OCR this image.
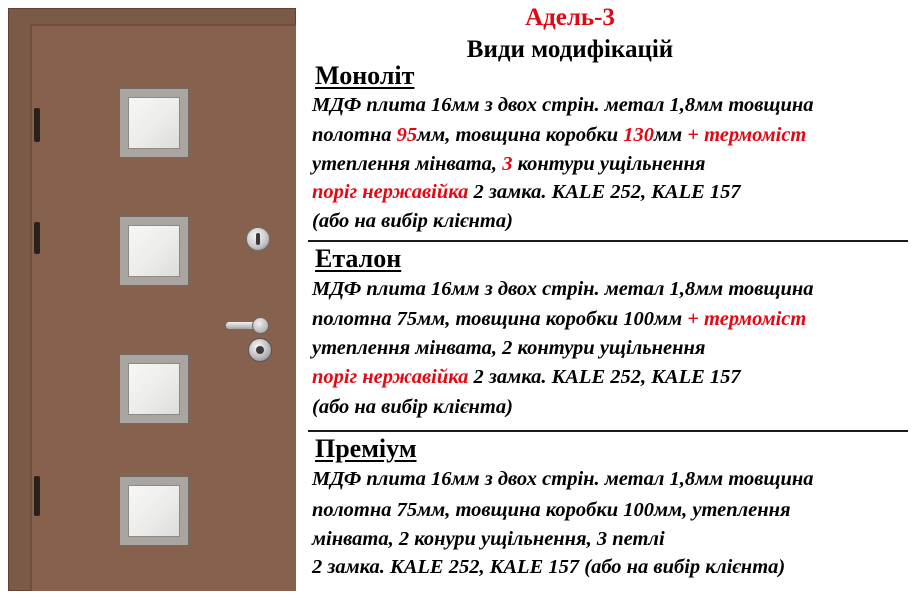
Адель-3
Види модифікацій
Моноліт
МДФ плита 16мм з двох стрін. метал 1,8мм товщина
полотна 95мм, товщина коробки 130мм + термоміст
утеплення мінвата, 3 контури ущільнення
поріг нержавійка 2 замка. KALE 252, KALE 157
(або на вибір клієнта)
Еталон
МДФ плита 16мм з двох стрін. метал 1,8мм товщина
полотна 75мм, товщина коробки 100мм + термоміст
утеплення мінвата, 2 контури ущільнення
поріг нержавійка 2 замка. KALE 252, KALE 157
(або на вибір клієнта)
Преміум
МДФ плита 16мм з двох стрін. метал 1,8мм товщина
полотна 75мм, товщина коробки 100мм, утеплення
мінвата, 2 конури ущільнення, 3 петлі
2 замка. KALE 252, KALE 157 (або на вибір клієнта)
